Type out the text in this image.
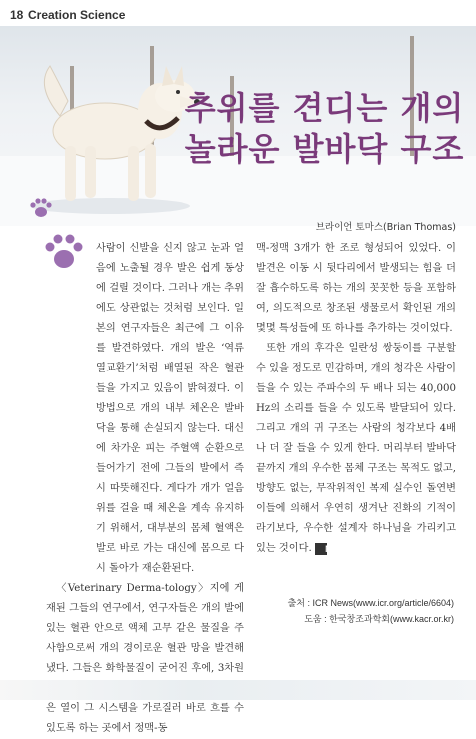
18 Creation Science
추위를 견디는 개의
놀라운 발바닥 구조
브라이언 토마스(Brian Thomas)

사람이 신발을 신지 않고 눈과 얼음에 노출될 경우 발은 쉽게 동상에 걸릴 것이다. 그러나 개는 추위에도 상관없는 것처럼 보인다. 일본의 연구자들은 최근에 그 이유를 발견하였다. 개의 발은 ‘역류 열교환기’처럼 배열된 작은 혈관들을 가지고 있음이 밝혀졌다. 이 방법으로 개의 내부 체온은 발바닥을 통해 손실되지 않는다. 대신에 차가운 피는 주혈액 순환으로 들어가기 전에 그들의 발에서 즉시 따뜻해진다. 게다가 개가 얼음 위를 걸을 때 체온을 계속 유지하기 위해서, 대부분의 몸체 혈액은 발로 바로 가는 대신에 몸으로 다시 돌아가 재순환된다.

〈Veterinary Derma-tology〉지에 게재된 그들의 연구에서, 연구자들은 개의 발에 있는 혈관 안으로 액체 고무 같은 물질을 주사함으로써 개의 경이로운 혈관 망을 발견해냈다. 그들은 화학물질이 굳어진 후에, 3차원 은 열이 그 시스템을 가로질러 바로 흐를 수 있도록 하는 곳에서 정맥-동

맥-정맥 3개가 한 조로 형성되어 있었다. 이 발견은 이동 시 뒷다리에서 발생되는 힘을 더 잘 흡수하도록 하는 개의 꼿꼿한 등을 포함하여, 의도적으로 창조된 생물로서 확인된 개의 몇몇 특성들에 또 하나를 추가하는 것이었다.

또한 개의 후각은 일란성 쌍둥이를 구분할 수 있을 정도로 민감하며, 개의 청각은 사람이 들을 수 있는 주파수의 두 배나 되는 40,000 Hz의 소리를 들을 수 있도록 발달되어 있다. 그리고 개의 귀 구조는 사람의 청각보다 4배나 더 잘 들을 수 있게 한다. 머리부터 발바닥 끝까지 개의 우수한 몸체 구조는 목적도 없고, 방향도 없는, 무작위적인 복제 실수인 돌연변이들에 의해서 우연히 생겨난 진화의 기적이라기보다, 우수한 설계자 하나님을 가리키고 있는 것이다. N

출처 : ICR News(www.icr.org/article/6604)
도움 : 한국창조과학회(www.kacr.or.kr)
